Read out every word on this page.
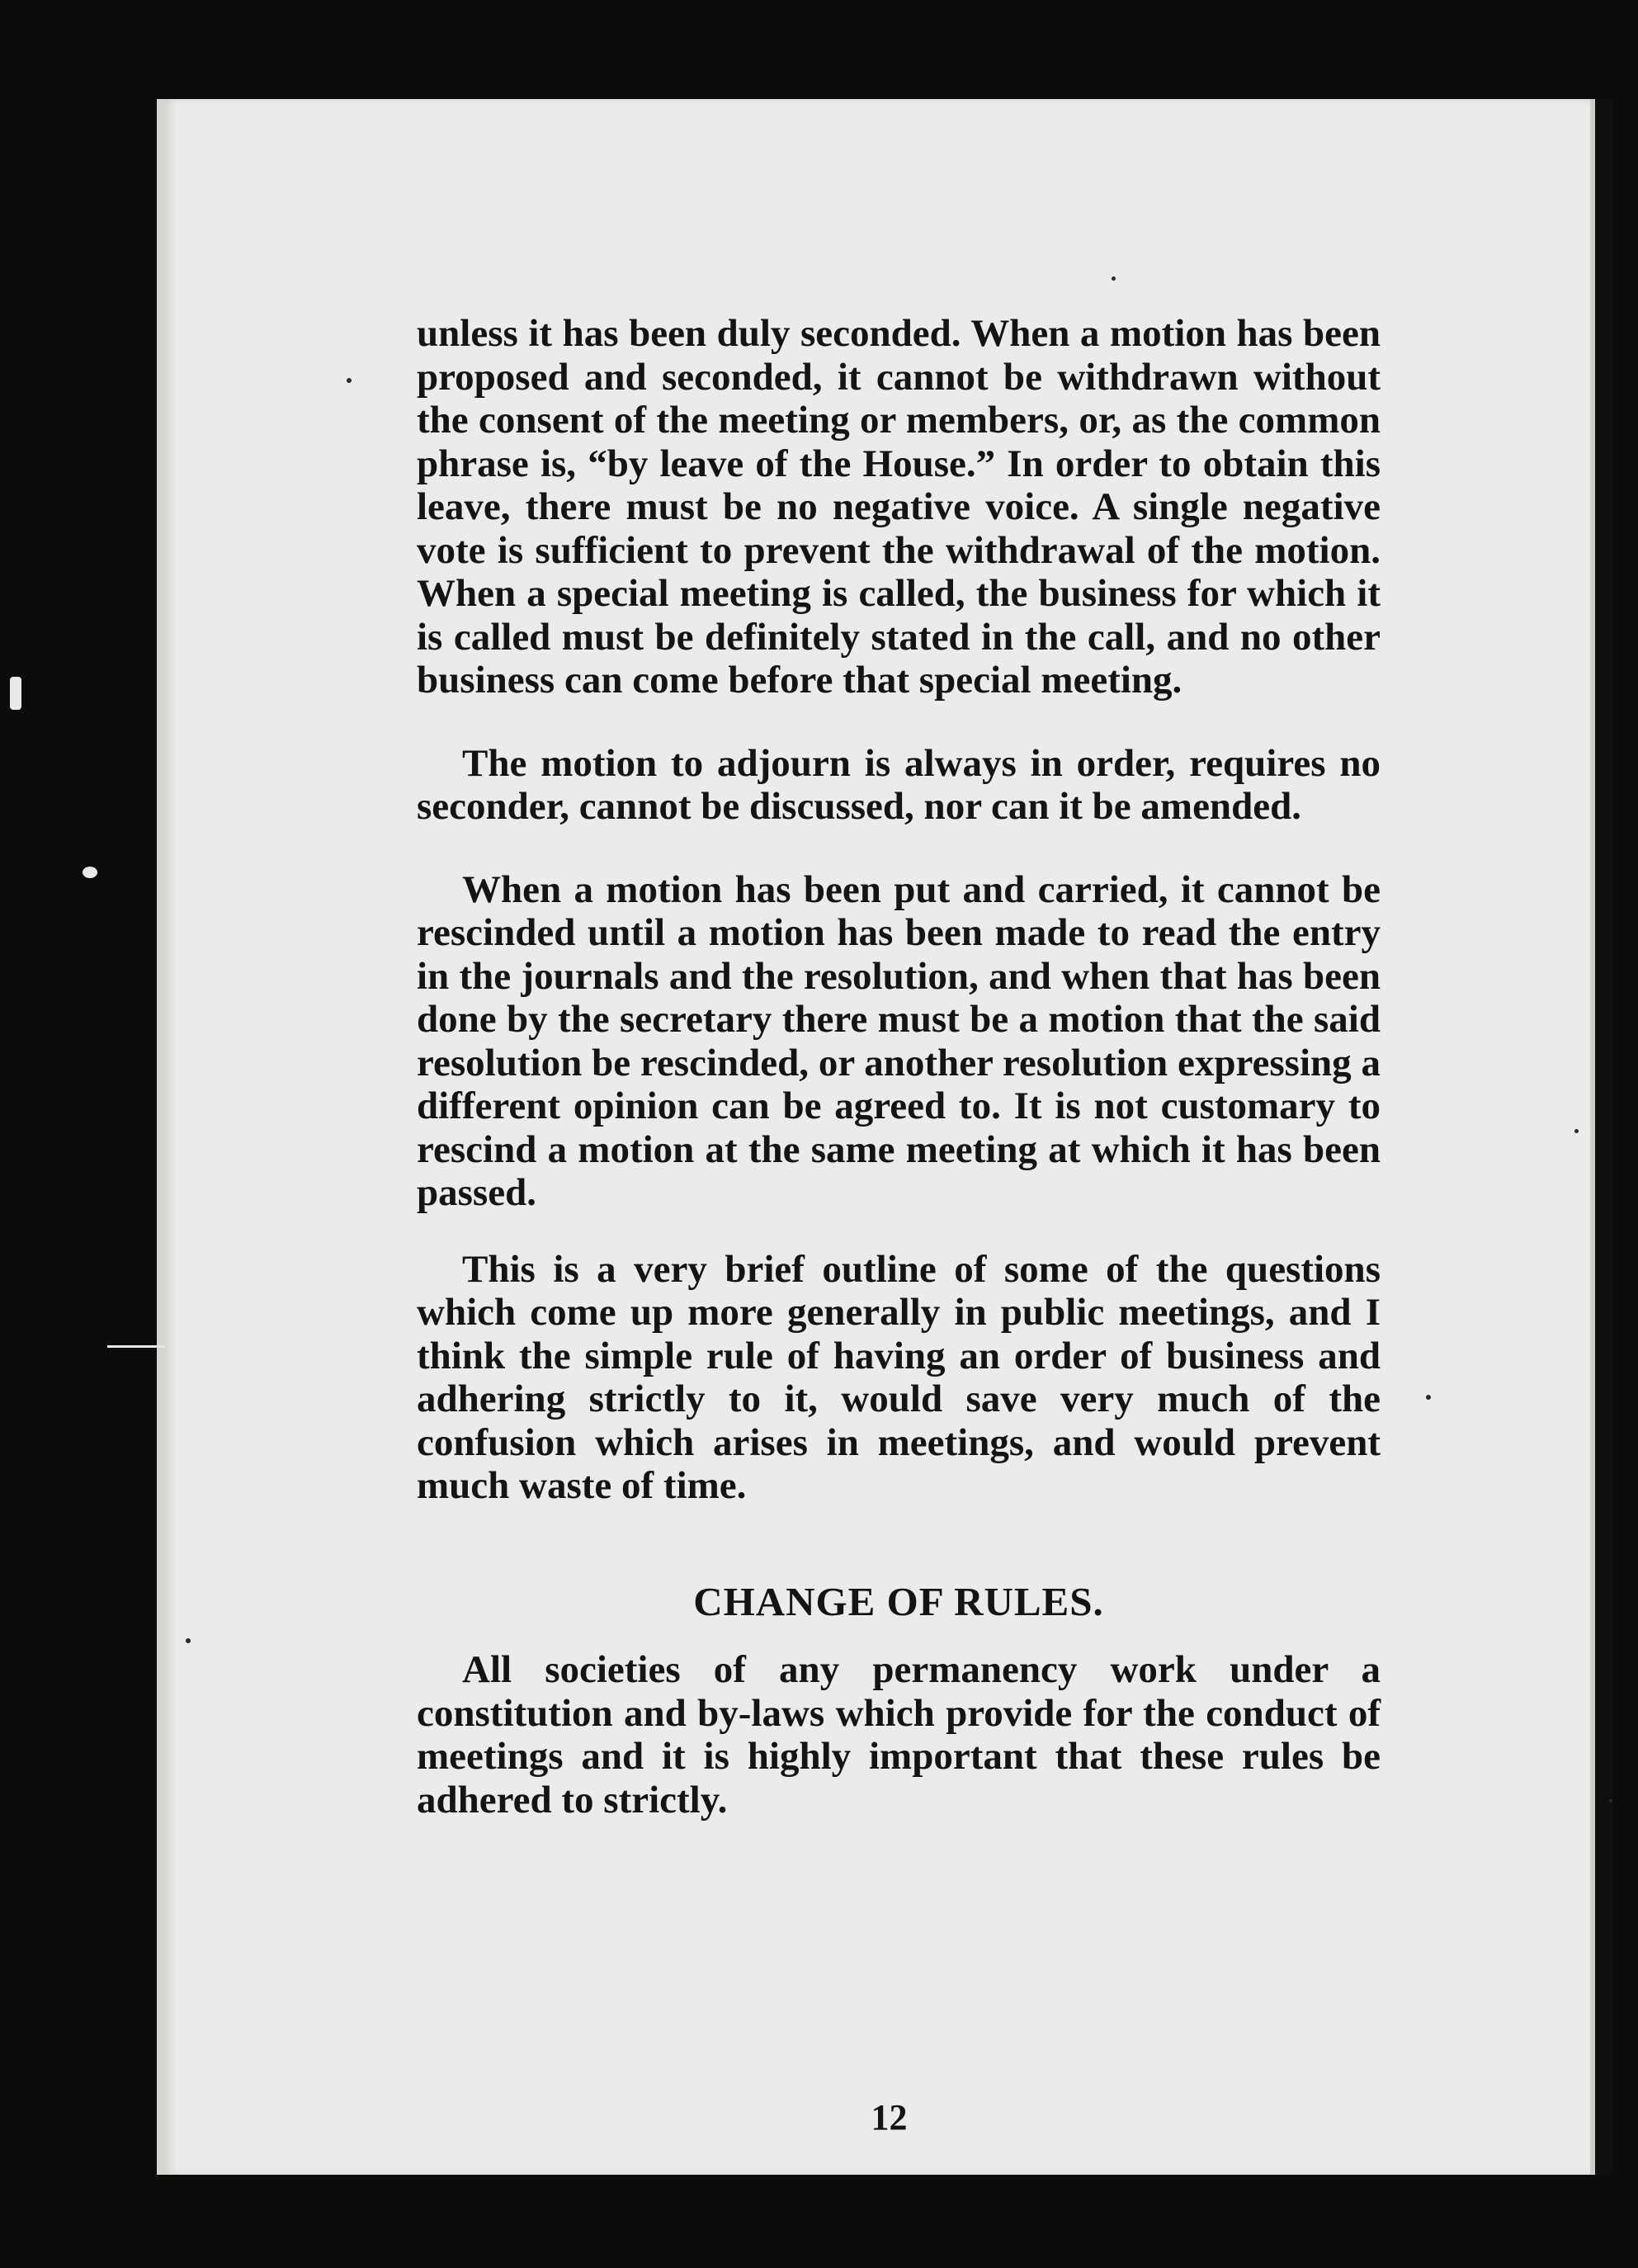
unless it has been duly seconded. When a motion has been proposed and seconded, it cannot be withdrawn without the consent of the meeting or members, or, as the common phrase is, “by leave of the House.” In order to obtain this leave, there must be no negative voice. A single negative vote is sufficient to prevent the withdrawal of the motion. When a special meeting is called, the business for which it is called must be definitely stated in the call, and no other business can come before that special meeting.

The motion to adjourn is always in order, requires no seconder, cannot be discussed, nor can it be amended.

When a motion has been put and carried, it cannot be rescinded until a motion has been made to read the entry in the journals and the resolution, and when that has been done by the secretary there must be a motion that the said resolution be rescinded, or another resolution expressing a different opinion can be agreed to. It is not customary to rescind a motion at the same meeting at which it has been passed.

This is a very brief outline of some of the questions which come up more generally in public meetings, and I think the simple rule of having an order of business and adhering strictly to it, would save very much of the confusion which arises in meetings, and would prevent much waste of time.

CHANGE OF RULES.

All societies of any permanency work under a constitution and by-laws which provide for the conduct of meetings and it is highly important that these rules be adhered to strictly.

12
